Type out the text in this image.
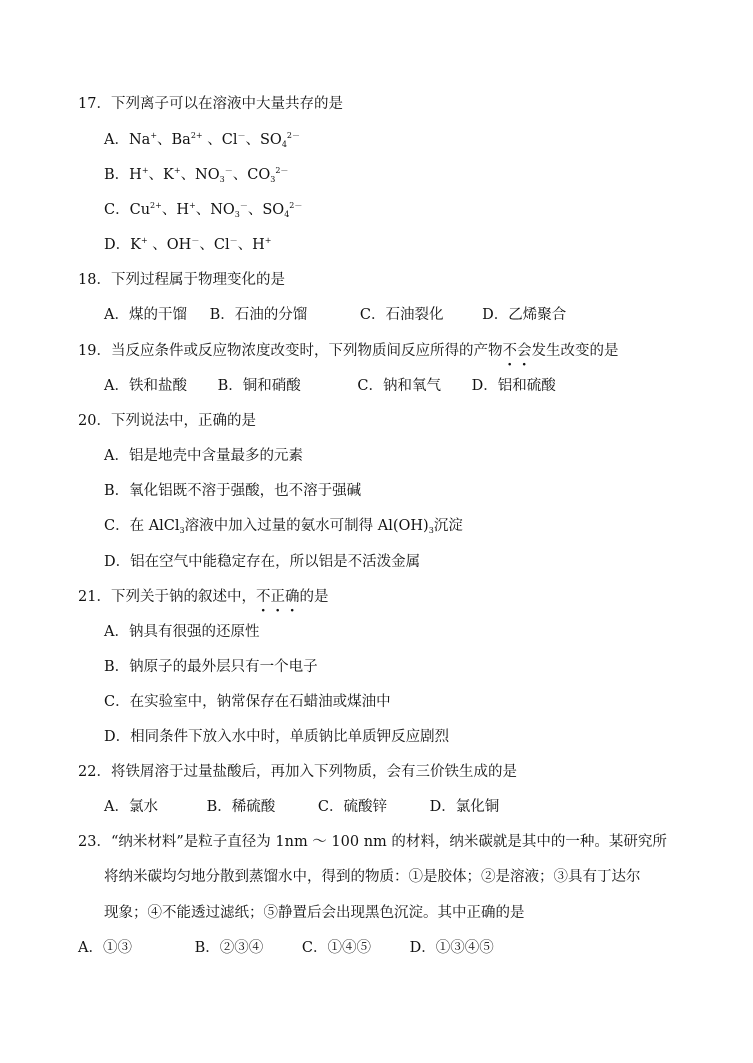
17．下列离子可以在溶液中大量共存的是
A．Na+、$Ba^{2+}$ 、Cl－、$SO_4^{2-}$
B．H+、K+、$NO_3^-$、$CO_3^{2-}$
C．$Cu^{2+}$、H+、$NO_3^-$、$SO_4^{2-}$
D．K+ 、OH－、Cl－、H+
18．下列过程属于物理变化的是
A．煤的干馏 B．石油的分馏	C．石油裂化	D．乙烯聚合
19．当反应条件或反应物浓度改变时，下列物质间反应所得的产物不会发生改变的是
A．铁和盐酸 B．铜和硝酸	C．钠和氧气 D．铝和硫酸
20．下列说法中，正确的是
A．铝是地壳中含量最多的元素
B．氧化铝既不溶于强酸，也不溶于强碱
C．在 AlCl$_3$溶液中加入过量的氨水可制得 $Al(OH)_3$沉淀
D．铝在空气中能稳定存在，所以铝是不活泼金属
21．下列关于钠的叙述中，不正确的是
A．钠具有很强的还原性
B．钠原子的最外层只有一个电子
C．在实验室中，钠常保存在石蜡油或煤油中
D．相同条件下放入水中时，单质钠比单质钾反应剧烈
22．将铁屑溶于过量盐酸后，再加入下列物质，会有三价铁生成的是
A．氯水	B．稀硫酸	C．硫酸锌	D．氯化铜
23．“纳米材料”是粒子直径为 1nm ～ 100 nm 的材料，纳米碳就是其中的一种。某研究所
将纳米碳均匀地分散到蒸馏水中，得到的物质：①是胶体；②是溶液；③具有丁达尔
现象；④不能透过滤纸；⑤静置后会出现黑色沉淀。其中正确的是
A．①③	B．②③④	C．①④⑤	D．①③④⑤
